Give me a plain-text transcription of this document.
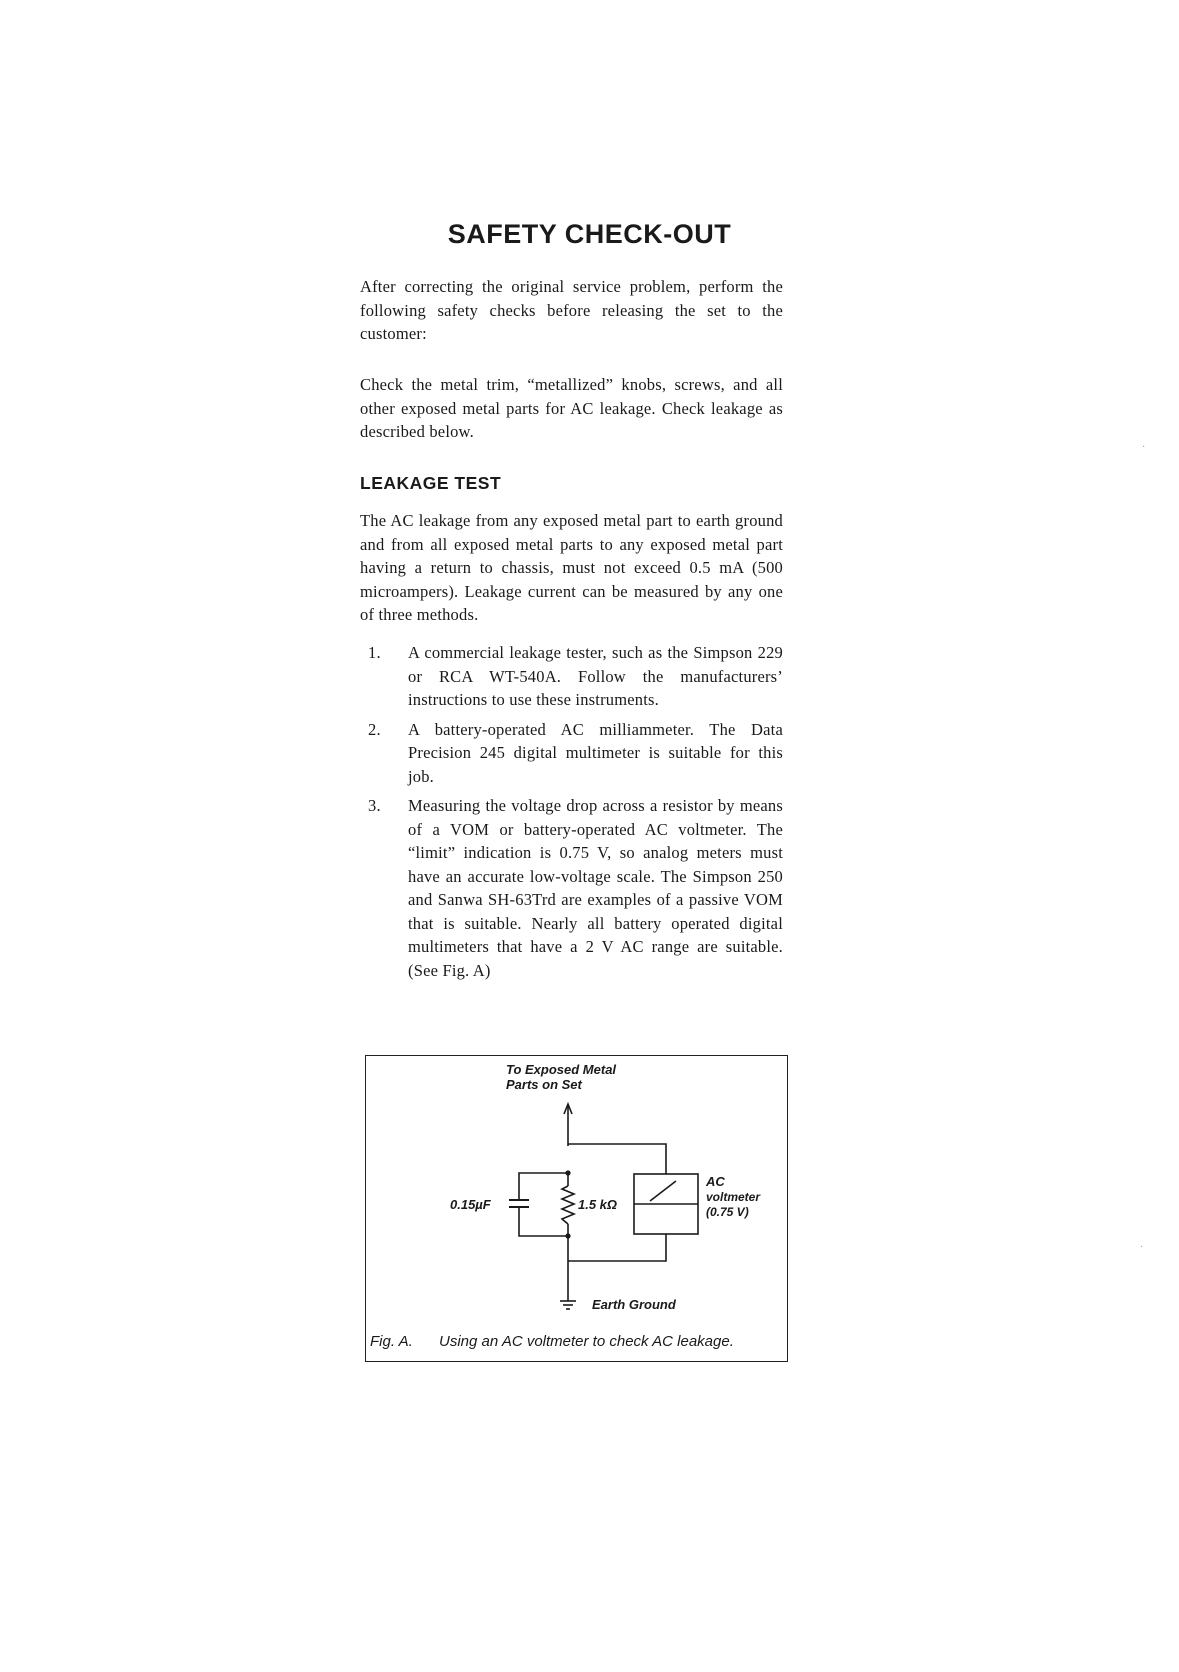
SAFETY CHECK-OUT

After correcting the original service problem, perform the following safety checks before releasing the set to the customer:

Check the metal trim, “metallized” knobs, screws, and all other exposed metal parts for AC leakage. Check leakage as described below.

LEAKAGE TEST

The AC leakage from any exposed metal part to earth ground and from all exposed metal parts to any exposed metal part having a return to chassis, must not exceed 0.5 mA (500 microampers). Leakage current can be measured by any one of three methods.

1. A commercial leakage tester, such as the Simpson 229 or RCA WT-540A. Follow the manufacturers’ instructions to use these instruments.
2. A battery-operated AC milliammeter. The Data Precision 245 digital multimeter is suitable for this job.
3. Measuring the voltage drop across a resistor by means of a VOM or battery-operated AC voltmeter. The “limit” indication is 0.75 V, so analog meters must have an accurate low-voltage scale. The Simpson 250 and Sanwa SH-63Trd are examples of a passive VOM that is suitable. Nearly all battery operated digital multimeters that have a 2 V AC range are suitable. (See Fig. A)
To Exposed Metal
Parts on Set
0.15µF	1.5 kΩ
AC
voltmeter
(0.75 V)
Earth Ground
Fig. A. Using an AC voltmeter to check AC leakage.
·
·
